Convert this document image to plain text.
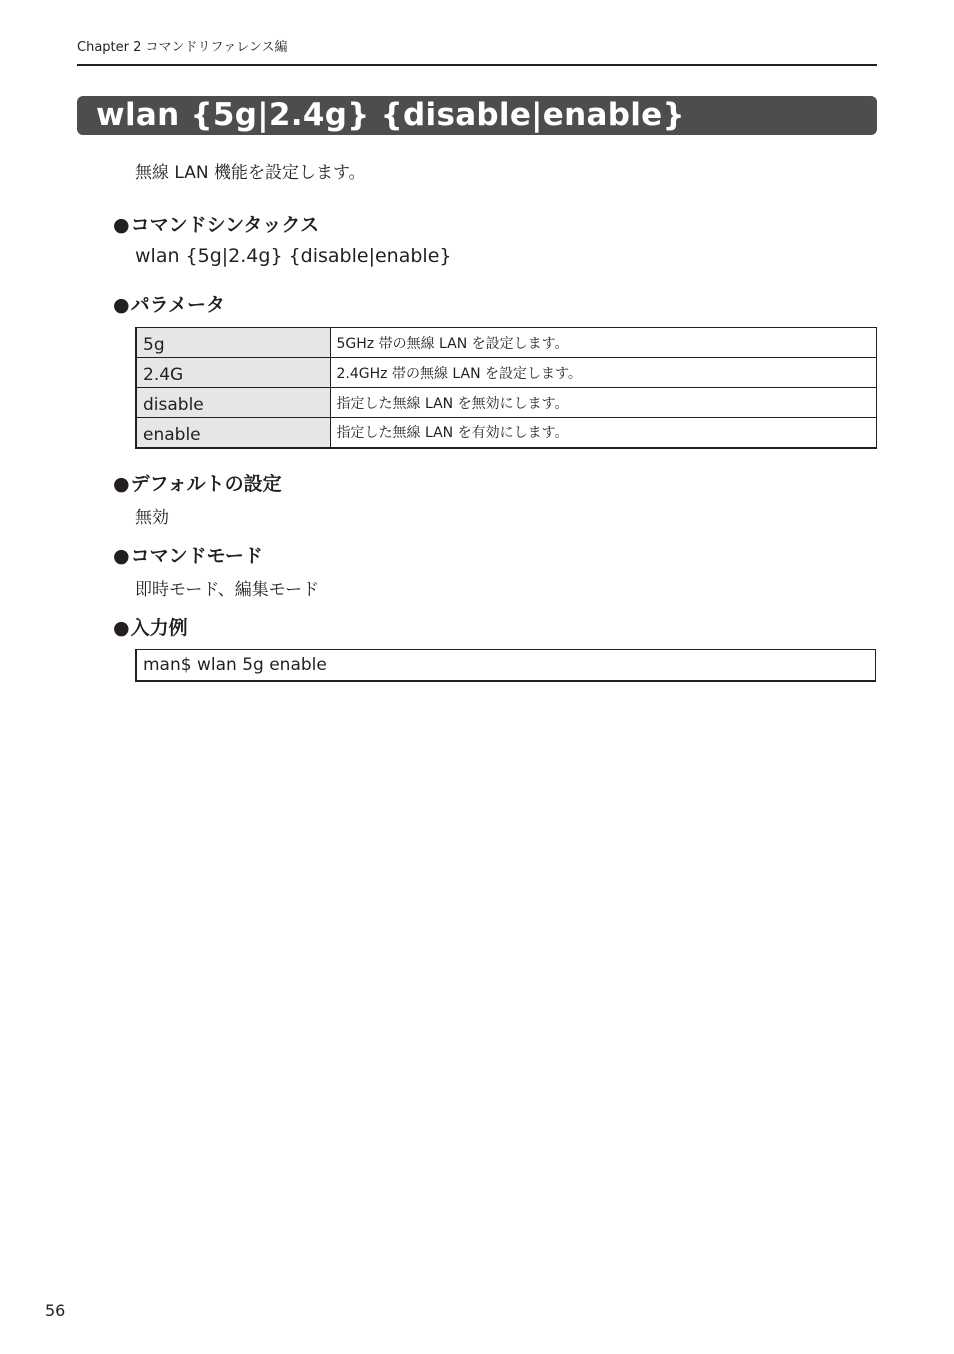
Chapter 2 コマンドリファレンス編
wlan {5g|2.4g} {disable|enable}
無線 LAN 機能を設定します。
●コマンドシンタックス
wlan {5g|2.4g} {disable|enable}
●パラメータ
5g	5GHz 帯の無線 LAN を設定します。
2.4G	2.4GHz 帯の無線 LAN を設定します。
disable	指定した無線 LAN を無効にします。
enable	指定した無線 LAN を有効にします。
●デフォルトの設定
無効
●コマンドモード
即時モード、編集モード
●入力例
man$ wlan 5g enable
56
